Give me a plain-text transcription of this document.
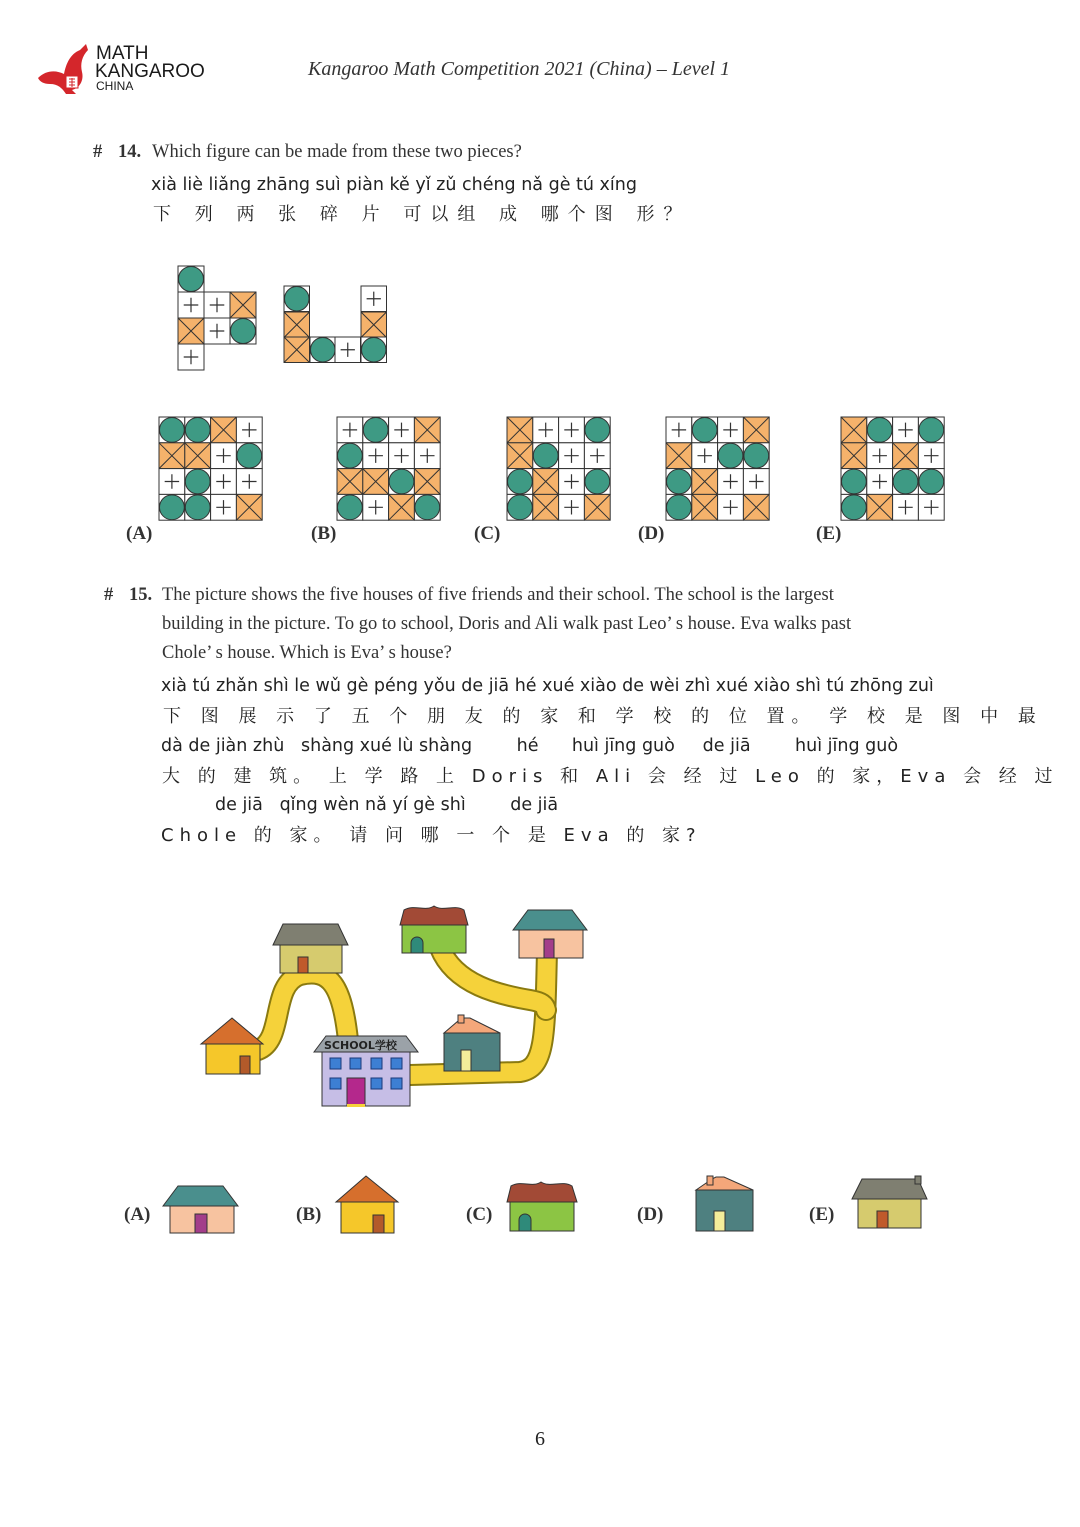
MATH
KANGAROO
CHINA
Kangaroo Math Competition 2021 (China) – Level 1
# 14. Which figure can be made from these two pieces?
xià liè liǎng zhāng suì piàn kě yǐ zǔ chéng nǎ gè tú xíng
下 列 两 张 碎 片 可以组 成 哪个图 形？
(A)	(B)	(C)	(D)	(E)
# 15. The picture shows the five houses of five friends and their school. The school is the largest
building in the picture. To go to school, Doris and Ali walk past Leo’ s house. Eva walks past
Chole’ s house. Which is Eva’ s house?
xià tú zhǎn shì le wǔ gè péng yǒu de jiā hé xué xiào de wèi zhì xué xiào shì tú zhōng zuì
下 图 展 示 了 五 个 朋 友 的 家 和 学 校 的 位 置。 学 校 是 图 中 最
dà de jiàn zhù   shàng xué lù shàng        hé      huì jīng guò     de jiā        huì jīng guò
大 的 建 筑。 上 学 路 上 Doris 和 Ali 会 经 过 Leo 的 家，Eva 会 经 过
de jiā   qǐng wèn nǎ yí gè shì        de jiā
Chole 的 家。 请 问 哪 一 个 是 Eva 的 家?
SCHOOL学校
(A)	(B)	(C)	(D)	(E)
6
